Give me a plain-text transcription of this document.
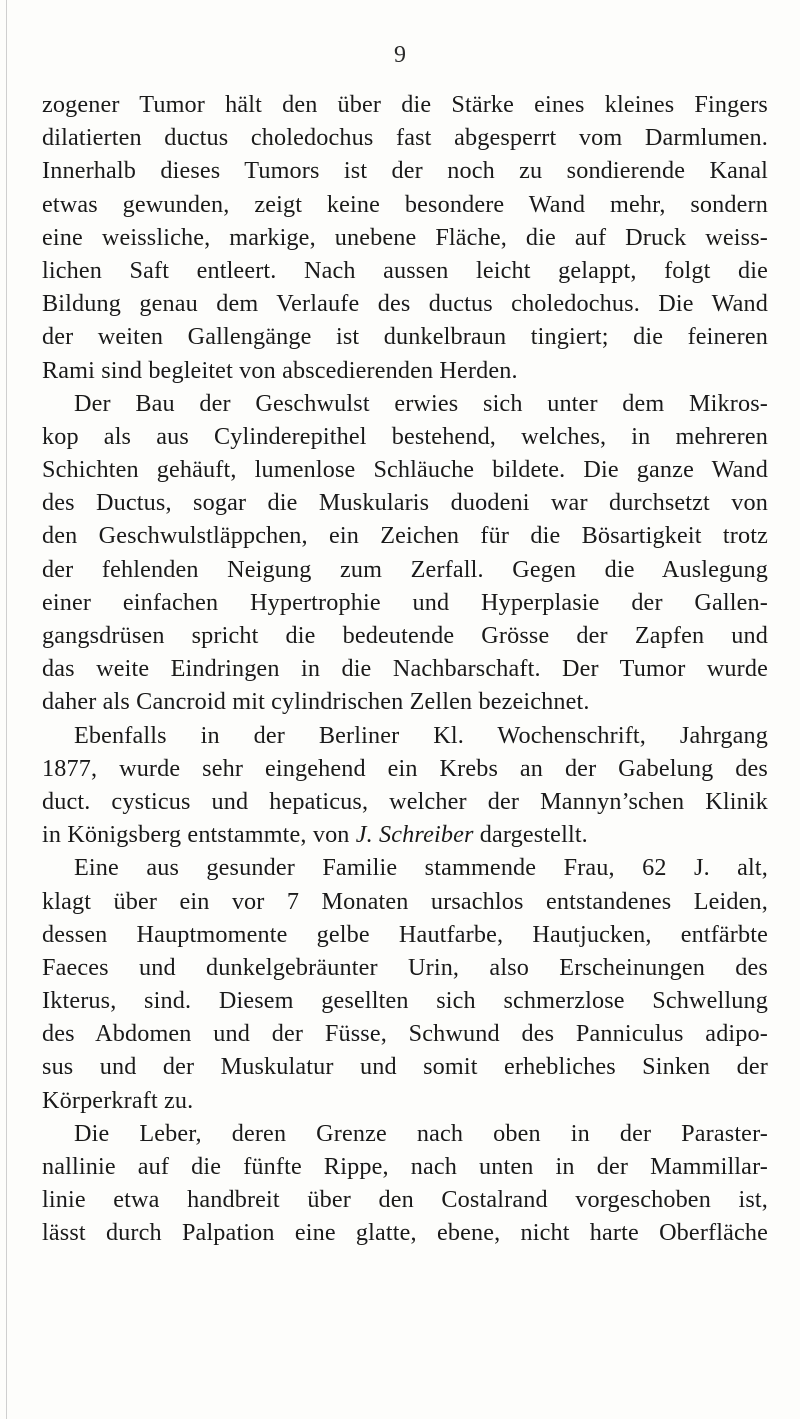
9
zogener Tumor hält den über die Stärke eines kleines Fingers
dilatierten ductus choledochus fast abgesperrt vom Darmlumen.
Innerhalb dieses Tumors ist der noch zu sondierende Kanal
etwas gewunden, zeigt keine besondere Wand mehr, sondern
eine weissliche, markige, unebene Fläche, die auf Druck weiss-
lichen Saft entleert. Nach aussen leicht gelappt, folgt die
Bildung genau dem Verlaufe des ductus choledochus. Die Wand
der weiten Gallengänge ist dunkelbraun tingiert; die feineren
Rami sind begleitet von abscedierenden Herden.
Der Bau der Geschwulst erwies sich unter dem Mikros-
kop als aus Cylinderepithel bestehend, welches, in mehreren
Schichten gehäuft, lumenlose Schläuche bildete. Die ganze Wand
des Ductus, sogar die Muskularis duodeni war durchsetzt von
den Geschwulstläppchen, ein Zeichen für die Bösartigkeit trotz
der fehlenden Neigung zum Zerfall. Gegen die Auslegung
einer einfachen Hypertrophie und Hyperplasie der Gallen-
gangsdrüsen spricht die bedeutende Grösse der Zapfen und
das weite Eindringen in die Nachbarschaft. Der Tumor wurde
daher als Cancroid mit cylindrischen Zellen bezeichnet.
Ebenfalls in der Berliner Kl. Wochenschrift, Jahrgang
1877, wurde sehr eingehend ein Krebs an der Gabelung des
duct. cysticus und hepaticus, welcher der Mannyn’schen Klinik
in Königsberg entstammte, von J. Schreiber dargestellt.
Eine aus gesunder Familie stammende Frau, 62 J. alt,
klagt über ein vor 7 Monaten ursachlos entstandenes Leiden,
dessen Hauptmomente gelbe Hautfarbe, Hautjucken, entfärbte
Faeces und dunkelgebräunter Urin, also Erscheinungen des
Ikterus, sind. Diesem gesellten sich schmerzlose Schwellung
des Abdomen und der Füsse, Schwund des Panniculus adipo-
sus und der Muskulatur und somit erhebliches Sinken der
Körperkraft zu.
Die Leber, deren Grenze nach oben in der Paraster-
nallinie auf die fünfte Rippe, nach unten in der Mammillar-
linie etwa handbreit über den Costalrand vorgeschoben ist,
lässt durch Palpation eine glatte, ebene, nicht harte Oberfläche
